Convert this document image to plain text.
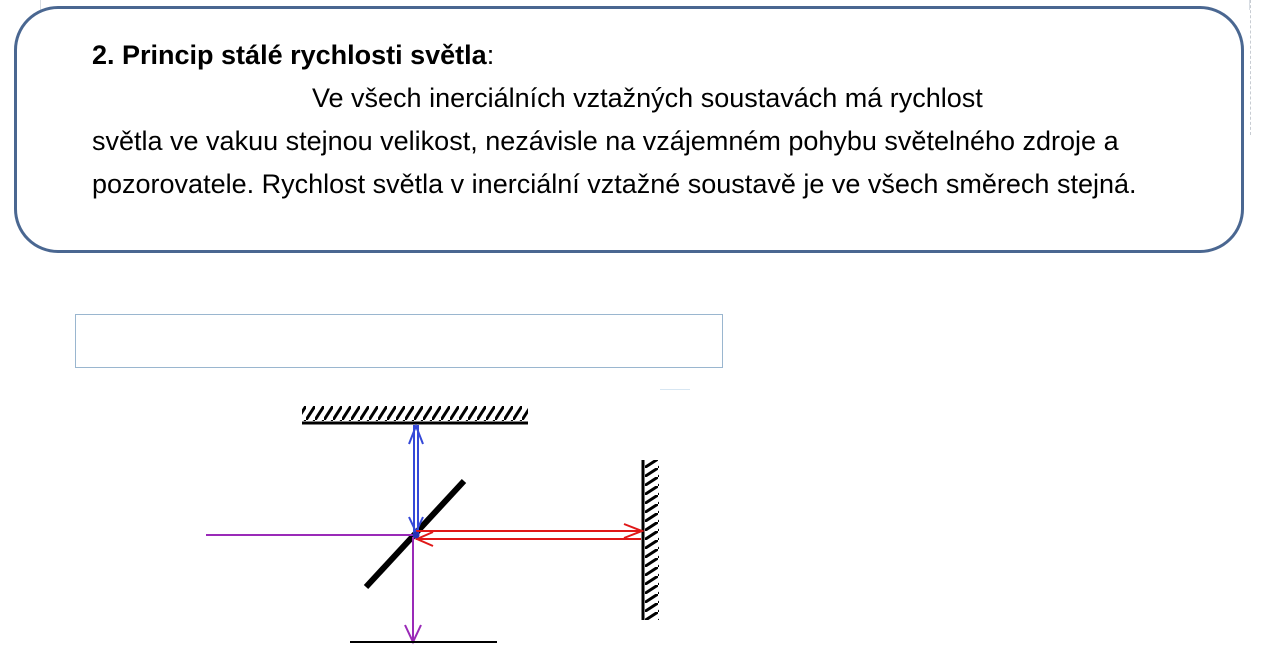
2. Princip stálé rychlosti světla:
Ve všech inerciálních vztažných soustavách má rychlost
světla ve vakuu stejnou velikost, nezávisle na vzájemném pohybu světelného zdroje a pozorovatele. Rychlost světla v inerciální vztažné soustavě je ve všech směrech stejná.
